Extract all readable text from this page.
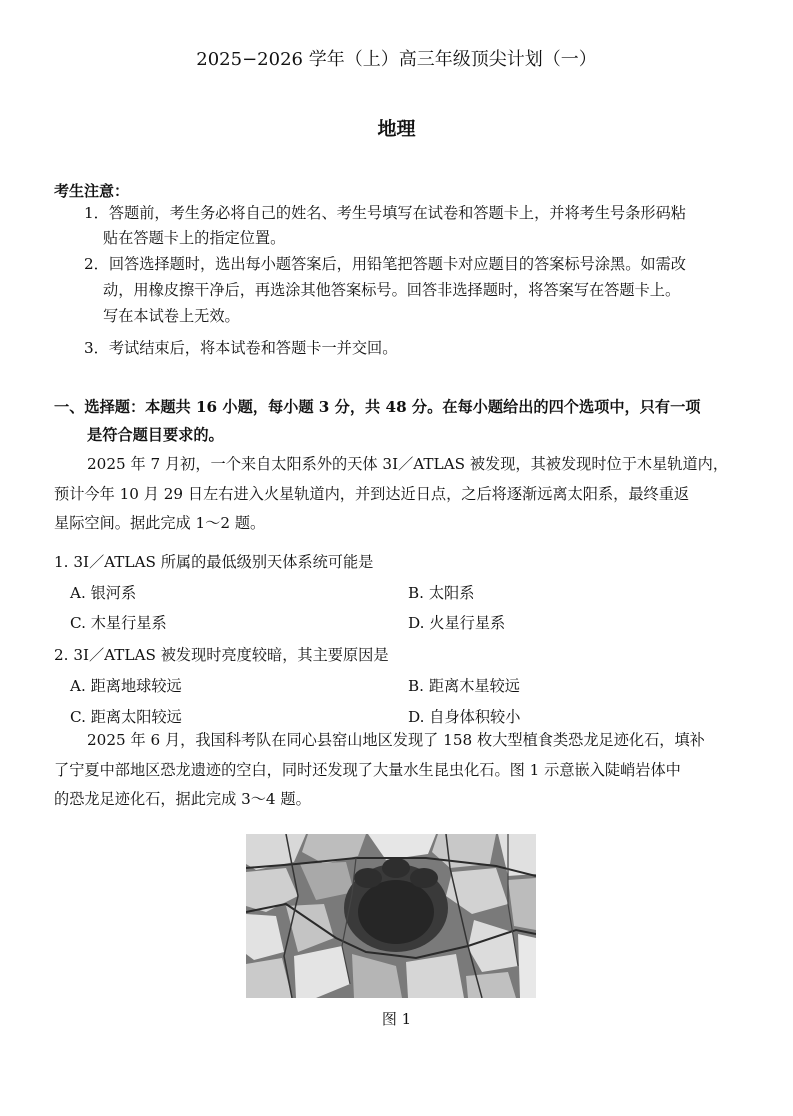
2025−2026 学年（上）高三年级顶尖计划（一）
地理
考生注意：
1．答题前，考生务必将自己的姓名、考生号填写在试卷和答题卡上，并将考生号条形码粘
贴在答题卡上的指定位置。
2．回答选择题时，选出每小题答案后，用铅笔把答题卡对应题目的答案标号涂黑。如需改
动，用橡皮擦干净后，再选涂其他答案标号。回答非选择题时，将答案写在答题卡上。
写在本试卷上无效。
3．考试结束后，将本试卷和答题卡一并交回。
一、选择题：本题共 16 小题，每小题 3 分，共 48 分。在每小题给出的四个选项中，只有一项
是符合题目要求的。
2025 年 7 月初，一个来自太阳系外的天体 3I／ATLAS 被发现，其被发现时位于木星轨道内，
预计今年 10 月 29 日左右进入火星轨道内，并到达近日点，之后将逐渐远离太阳系，最终重返
星际空间。据此完成 1～2 题。
1. 3I／ATLAS 所属的最低级别天体系统可能是
A. 银河系	B. 太阳系
C. 木星行星系	D. 火星行星系
2. 3I／ATLAS 被发现时亮度较暗，其主要原因是
A. 距离地球较远	B. 距离木星较远
C. 距离太阳较远	D. 自身体积较小
2025 年 6 月，我国科考队在同心县窑山地区发现了 158 枚大型植食类恐龙足迹化石，填补
了宁夏中部地区恐龙遗迹的空白，同时还发现了大量水生昆虫化石。图 1 示意嵌入陡峭岩体中
的恐龙足迹化石，据此完成 3～4 题。
图 1
